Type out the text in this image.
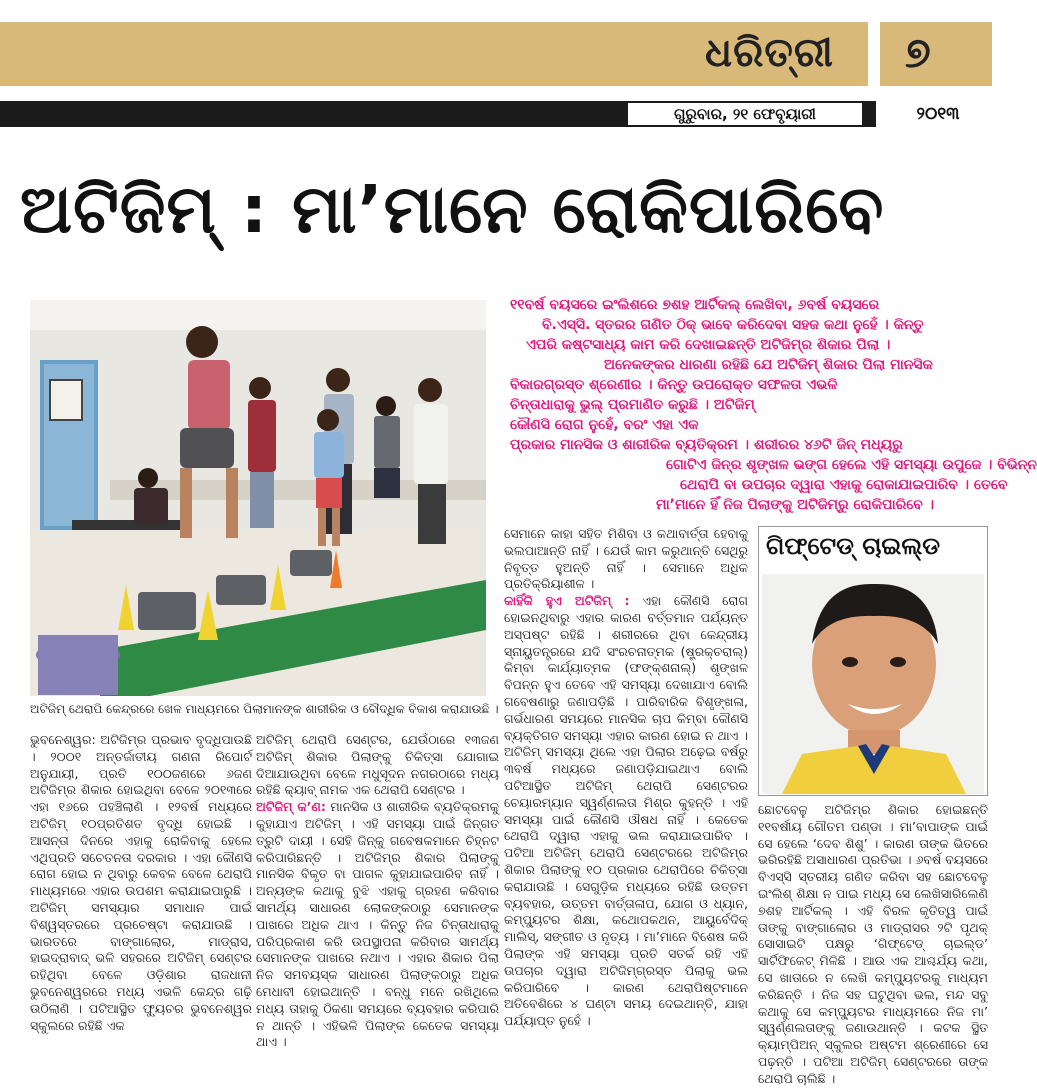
ଧରିତ୍ରୀ ୭
ଗୁରୁବାର, ୨୧ ଫେବୃୟାରୀ	୨୦୧୩
ଅଟିଜିମ୍ : ମା’ମାନେ ରୋକିପାରିବେ
ଅଟିଜିମ୍ ଥେରାପି କେନ୍ଦ୍ରରେ ଖେଳ ମାଧ୍ୟମରେ ପିଲାମାନଙ୍କ ଶାରୀରିକ ଓ ବୌଦ୍ଧିକ ବିକାଶ କରାଯାଉଛି ।
୧୧ବର୍ଷ ବୟସରେ ଇଂଲିଶରେ ୭ଶହ ଆର୍ଟିକଲ୍ ଲେଖିବା, ୬ବର୍ଷ ବୟସରେ
ବି.ଏସ୍‌ସି. ସ୍ତରର ଗଣିତ ଠିକ୍ ଭାବେ କରିଦେବା ସହଜ କଥା ନୁହେଁ । କିନ୍ତୁ
ଏପରି କଷ୍ଟସାଧ୍ୟ କାମ କରି ଦେଖାଇଛନ୍ତି ଅଟିଜିମ୍‌ର ଶିକାର ପିଲା ।
ଅନେକଙ୍କର ଧାରଣା ରହିଛି ଯେ ଅଟିଜିମ୍ ଶିକାର ପିଲା ମାନସିକ
ବିକାରଗ୍ରସ୍ତ ଶ୍ରେଣୀର । କିନ୍ତୁ ଉପରୋକ୍ତ ସଫଳତା ଏଭଳି
ଚିନ୍ତାଧାରାକୁ ଭୁଲ୍ ପ୍ରମାଣିତ କରୁଛି । ଅଟିଜିମ୍
କୌଣସି ରୋଗ ନୁହେଁ, ବରଂ ଏହା ଏକ
ପ୍ରକାର ମାନସିକ ଓ ଶାରୀରିକ ବ୍ୟତିକ୍ରମ । ଶରୀରର ୪୬ଟି ଜିନ୍ ମଧ୍ୟରୁ
ଗୋଟିଏ ଜିନ୍‌ର ଶୃଙ୍ଖଳ ଭଙ୍ଗ ହେଲେ ଏହି ସମସ୍ୟା ଉପୁଜେ । ବିଭିନ୍ନ
ଥେରାପି ବା ଉପଚାର ଦ୍ୱାରା ଏହାକୁ ରୋକାଯାଇପାରିବ । ତେବେ
ମା’ମାନେ ହିଁ ନିଜ ପିଲାଙ୍କୁ ଅଟିଜିମ୍‌ରୁ ରୋକିପାରିବେ ।

ଭୁବନେଶ୍ୱର: ଅଟିଜିମ୍‌ର ପ୍ରଭାବ ବୃଦ୍ଧିପାଉଛି । ୨୦୦୧ ଅନ୍ତର୍ଜାତୀୟ ଗଣନା ରିପୋର୍ଟ ଅନୁଯାୟୀ, ପ୍ରତି ୧୦୦ଜଣରେ ୬ଜଣ ଅଟିଜିମ୍‌ର ଶିକାର ହୋଇଥିବା ବେଳେ ୨୦୧୩ରେ ଏହା ୧୬ରେ ପହଞ୍ଚିଲାଣି । ୧୨ବର୍ଷ ମଧ୍ୟରେ ଅଟିଜିମ୍ ୧୦ପ୍ରତିଶତ ବୃଦ୍ଧି ହୋଇଛି । ଆସନ୍ତା ଦିନରେ ଏହାକୁ ରୋକିବାକୁ ହେଲେ ଏଥିପ୍ରତି ସଚେତନତା ଦରକାର । ଏହା କୌଣସି ରୋଗ ହୋଇ ନ ଥିବାରୁ କେବଳ ବେଳେ ଥେରାପି ମାଧ୍ୟମରେ ଏହାର ଉପଶମ କରାଯାଇପାରୁଛି । ଅଟିଜିମ୍ ସମସ୍ୟାର ସମାଧାନ ପାଇଁ ବିଶ୍ୱସ୍ତରରେ ପ୍ରଚେଷ୍ଟା କରାଯାଉଛି । ଭାରତରେ ବାଙ୍ଗାଲୋର, ମାଡ୍ରାସ, ହାଇଦ୍ରାବାଦ୍ ଭଳି ସହରରେ ଅଟିଜିମ୍ ସେଣ୍ଟର ରହିଥିବା ବେଳେ ଓଡ଼ିଶାର ରାଜଧାନୀ ଭୁବନେଶ୍ୱରରେ ମଧ୍ୟ ଏଭଳି କେନ୍ଦ୍ର ଗଢ଼ି ଉଠିଲାଣି । ପଟିଆସ୍ଥିତ ଫ୍ୟୁଚର ଭୁବନେଶ୍ୱର ସ୍କୁଲରେ ରହିଛି ଏକ

ଅଟିଜିମ୍ ଥେରାପି ସେଣ୍ଟର, ଯେଉଁଠାରେ ୧୩ଜଣ ଅଟିଜିମ୍ ଶିକାର ପିଲାଙ୍କୁ ଚିକିତ୍ସା ଯୋଗାଇ ଦିଆଯାଉଥିବା ବେଳେ ମଧୁସୂଦନ ନଗରଠାରେ ମଧ୍ୟ ରହିଛି କ୍ୟାବ୍ ନାମକ ଏକ ଥେରାପି ସେଣ୍ଟର ।

ଅଟିଜିମ୍ କ’ଣ: ମାନସିକ ଓ ଶାରୀରିକ ବ୍ୟତିକ୍ରମକୁ କୁହାଯାଏ ଅଟିଜିମ୍ । ଏହି ସମସ୍ୟା ପାଇଁ ଜିନ୍‌ଗତ ତ୍ରୁଟି ଦାୟୀ । ସେହି ଜିନ୍‌କୁ ଗବେଷକମାନେ ଚିହ୍ନଟ କରିପାରିଛନ୍ତି । ଅଟିଜିମ୍‌ର ଶିକାର ପିଲାଙ୍କୁ ମାନସିକ ବିକୃତ ବା ପାଗଳ କୁହାଯାଇପାରିବ ନାହିଁ । ଅନ୍ୟଙ୍କ କଥାକୁ ବୁଝି ଏହାକୁ ଗ୍ରହଣ କରିବାର ସାମର୍ଥ୍ୟ ସାଧାରଣ ଲୋକଙ୍କଠାରୁ ସେମାନଙ୍କ ପାଖରେ ଅଧିକ ଥାଏ । କିନ୍ତୁ ନିଜ ଚିନ୍ତାଧାରାକୁ ପରିପ୍ରକାଶ କରି ଉପସ୍ଥାପନା କରିବାର ସାମର୍ଥ୍ୟ ସେମାନଙ୍କ ପାଖରେ ନଥାଏ । ଏହାର ଶିକାର ପିଲା ନିଜ ସମବୟସ୍କ ସାଧାରଣ ପିଲାଙ୍କଠାରୁ ଅଧିକ ମେଧାବୀ ହୋଇଥାନ୍ତି । ବନ୍ଧୁ ମନେ ରଖିଥିଲେ ମଧ୍ୟ ତାହାକୁ ଠିକଣା ସମୟରେ ବ୍ୟବହାର କରିପାରି ନ ଥାନ୍ତି । ଏହିଭଳି ପିଲାଙ୍କ କେତେକ ସମସ୍ୟା ଥାଏ ।

ସେମାନେ କାହା ସହିତ ମିଶିବା ଓ କଥାବାର୍ତ୍ତା ହେବାକୁ ଭଲପାଆନ୍ତି ନାହିଁ । ଯେଉଁ କାମ କରୁଥାନ୍ତି ସେଥିରୁ ନିବୃତ୍ତ ହୁଅନ୍ତି ନାହିଁ । ସେମାନେ ଅଧିକ ପ୍ରତିକ୍ରିୟାଶୀଳ ।

କାହିଁକି ହୁଏ ଅଟିଜିମ୍ : ଏହା କୌଣସି ରୋଗ ହୋଇନଥିବାରୁ ଏହାର କାରଣ ବର୍ତ୍ତମାନ ପର୍ଯ୍ୟନ୍ତ ଅସ୍ପଷ୍ଟ ରହିଛି । ଶରୀରରେ ଥିବା କେନ୍ଦ୍ରୀୟ ସ୍ନାୟୁତନ୍ତ୍ରରେ ଯଦି ସଂରଚନାତ୍ମକ (ଷ୍ଟ୍ରକ୍‌ଚରାଲ୍) କିମ୍ବା କାର୍ଯ୍ୟାତ୍ମକ (ଫଙ୍କ୍‌ଶନାଲ୍) ଶୃଙ୍ଖଳ ବିପନ୍ନ ହୁଏ ତେବେ ଏହି ସମସ୍ୟା ଦେଖାଯାଏ ବୋଲି ଗବେଷଣାରୁ ଜଣାପଡ଼ିଛି । ପାରିବାରିକ ବିଶୃଙ୍ଖଳା, ଗର୍ଭଧାରଣ ସମୟରେ ମାନସିକ ଚାପ କିମ୍ବା କୌଣସି ବ୍ୟକ୍ତିଗତ ସମସ୍ୟା ଏହାର କାରଣ ହୋଇ ନ ଥାଏ । ଅଟିଜିମ୍ ସମସ୍ୟା ଥିଲେ ଏହା ପିଲାର ଅଢ଼େଇ ବର୍ଷରୁ ୩ବର୍ଷ ମଧ୍ୟରେ ଜଣାପଡ଼ିଯାଇଥାଏ ବୋଲି ପଟିଆସ୍ଥିତ ଅଟିଜିମ୍ ଥେରାପି ସେଣ୍ଟରର ଚେୟାରମ୍ୟାନ ସ୍ୱର୍ଣ୍ଣଲତା ମିଶ୍ର କୁହନ୍ତି । ଏହି ସମସ୍ୟା ପାଇଁ କୌଣସି ଔଷଧ ନାହିଁ । କେତେକ ଥେରାପି ଦ୍ୱାରା ଏହାକୁ ଭଲ କରାଯାଇପାରିବ । ପଟିଆ ଅଟିଜିମ୍ ଥେରାପି ସେଣ୍ଟରରେ ଅଟିଜିମ୍‌ର ଶିକାର ପିଲାଙ୍କୁ ୧୦ ପ୍ରକାର ଥେରାପିରେ ଚିକିତ୍ସା କରାଯାଉଛି । ସେଗୁଡ଼ିକ ମଧ୍ୟରେ ରହିଛି ଉତ୍ତମ ବ୍ୟବହାର, ଉତ୍ତମ ବାର୍ତ୍ତାଳାପ, ଯୋଗ ଓ ଧ୍ୟାନ, କମ୍ପ୍ୟୁଟର ଶିକ୍ଷା, କଥୋପକଥନ, ଆୟୁର୍ବେଦିକ୍ ମାଲିସ୍, ସଙ୍ଗୀତ ଓ ନୃତ୍ୟ । ମା’ମାନେ ବିଶେଷ କରି ପିଲାଙ୍କ ଏହି ସମସ୍ୟା ପ୍ରତି ସତର୍କ ରହି ଏହି ଉପଚାର ଦ୍ୱାରା ଅଟିଜିମ୍‌ଗ୍ରସ୍ତ ପିଲାକୁ ଭଲ କରିପାରିବେ । କାରଣ ଥେରାପିଷ୍ଟମାନେ ଅତିବେଶିରେ ୪ ଘଣ୍ଟା ସମୟ ଦେଇଥାନ୍ତି, ଯାହା ପର୍ଯ୍ୟାପ୍ତ ନୁହେଁ ।

ଗିଫ୍‌ଟେଡ୍ ଚାଇଲ୍ଡ

ଛୋଟବେଳୁ ଅଟିଜିମ୍‌ର ଶିକାର ହୋଇଛନ୍ତି ୧୧ବର୍ଷୀୟ ଗୌତମ ପଣ୍ଡା । ମା’ବାପାଙ୍କ ପାଇଁ ସେ ହେଲେ ‘ଦେବ ଶିଶୁ’ । କାରଣ ତାଙ୍କ ଭିତରେ ଭରିରହିଛି ଅସାଧାରଣ ପ୍ରତିଭା । ୬ବର୍ଷ ବୟସରେ ବିଏସ୍‌ସି ସ୍ତରୀୟ ଗଣିତ କରିବା ସହ ଛୋଟବେଳୁ ଇଂଲିଶ୍ ଶିକ୍ଷା ନ ପାଇ ମଧ୍ୟ ସେ ଲେଖିସାରିଲେଣି ୭ଶହ ଆର୍ଟିକଲ୍ । ଏହି ବିରଳ କୃତିତ୍ୱ ପାଇଁ ତାଙ୍କୁ ବାଙ୍ଗାଲୋର ଓ ମାଡ୍ରାସର ୨ଟି ପୃଥକ୍ ସୋସାଇଟି ପକ୍ଷରୁ ‘ଗିଫ୍‌ଟେଡ୍ ଚାଇଲ୍ଡ’ ସାର୍ଟିଫିକେଟ୍ ମିଳିଛି । ଆଉ ଏକ ଆଶ୍ଚର୍ଯ୍ୟ କଥା, ସେ ଖାତାରେ ନ ଲେଖି କମ୍ପ୍ୟୁଟରକୁ ମାଧ୍ୟମ କରିଛନ୍ତି । ନିଜ ସହ ଘଟୁଥିବା ଭଲ, ମନ୍ଦ ସବୁ କଥାକୁ ସେ କମ୍ପ୍ୟୁଟର ମାଧ୍ୟମରେ ନିଜ ମା’ ସ୍ୱର୍ଣ୍ଣଲତାଙ୍କୁ ଜଣାଉଥାନ୍ତି । କଟକ ସ୍ଥିତ କ୍ୟାମ୍ପିଅନ୍ ସ୍କୁଲର ଅଷ୍ଟମ ଶ୍ରେଣୀରେ ସେ ପଢ଼ନ୍ତି । ପଟିଆ ଅଟିଜିମ୍ ସେଣ୍ଟରରେ ତାଙ୍କ ଥେରାପି ଚାଲିଛି ।
